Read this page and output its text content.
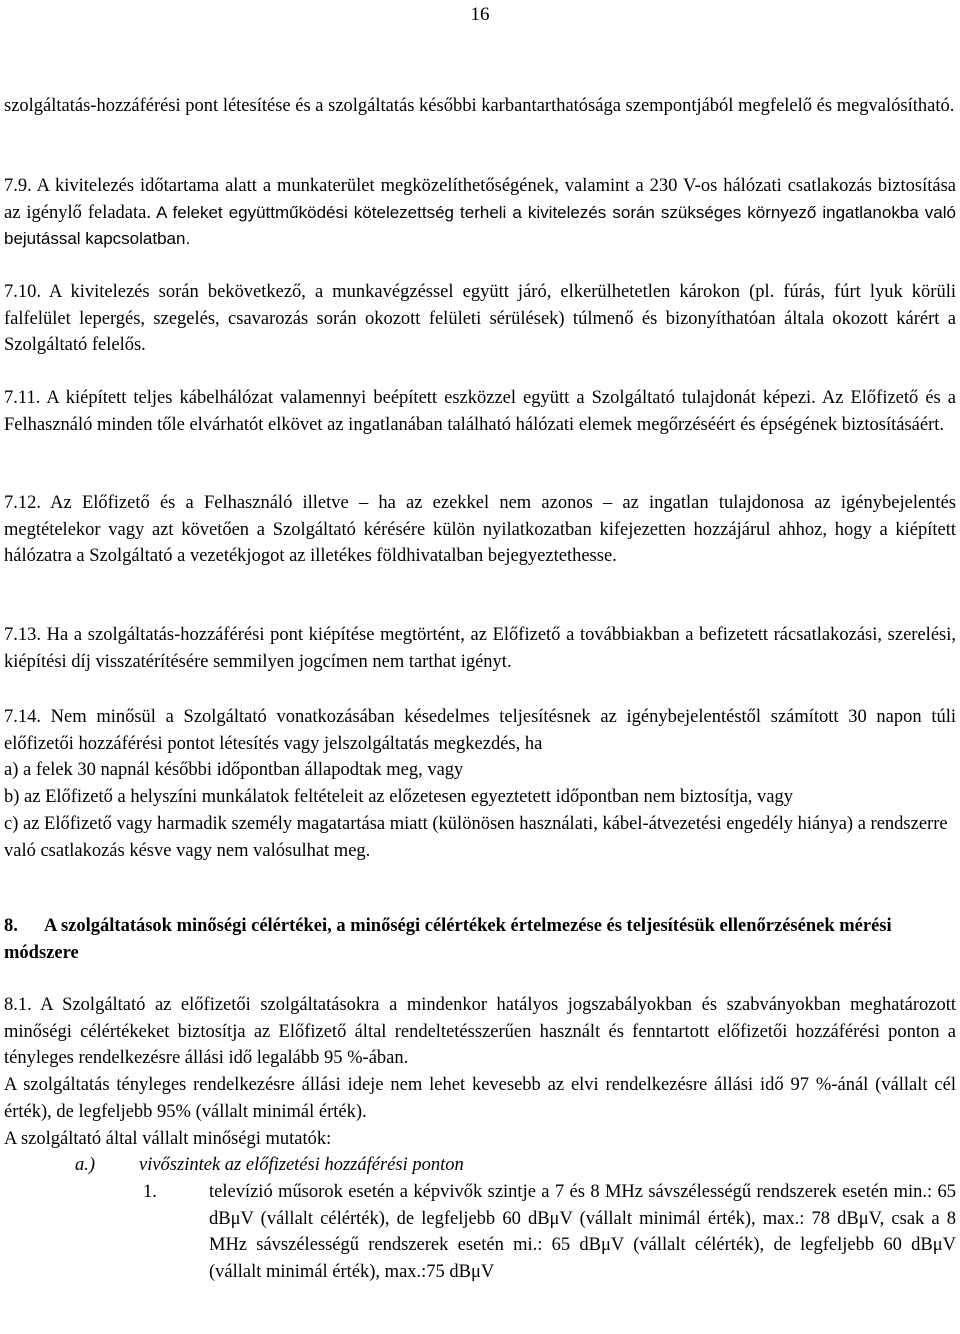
16

szolgáltatás-hozzáférési pont létesítése és a szolgáltatás későbbi karbantarthatósága szempontjából megfelelő és megvalósítható.

7.9. A kivitelezés időtartama alatt a munkaterület megközelíthetőségének, valamint a 230 V-os hálózati csatlakozás biztosítása az igénylő feladata. A feleket együttműködési kötelezettség terheli a kivitelezés során szükséges környező ingatlanokba való bejutással kapcsolatban.

7.10. A kivitelezés során bekövetkező, a munkavégzéssel együtt járó, elkerülhetetlen károkon (pl. fúrás, fúrt lyuk körüli falfelület lepergés, szegelés, csavarozás során okozott felületi sérülések) túlmenő és bizonyíthatóan általa okozott kárért a Szolgáltató felelős.

7.11. A kiépített teljes kábelhálózat valamennyi beépített eszközzel együtt a Szolgáltató tulajdonát képezi. Az Előfizető és a Felhasználó minden tőle elvárhatót elkövet az ingatlanában található hálózati elemek megőrzéséért és épségének biztosításáért.

7.12. Az Előfizető és a Felhasználó illetve – ha az ezekkel nem azonos – az ingatlan tulajdonosa az igénybejelentés megtételekor vagy azt követően a Szolgáltató kérésére külön nyilatkozatban kifejezetten hozzájárul ahhoz, hogy a kiépített hálózatra a Szolgáltató a vezetékjogot az illetékes földhivatalban bejegyeztethesse.

7.13. Ha a szolgáltatás-hozzáférési pont kiépítése megtörtént, az Előfizető a továbbiakban a befizetett rácsatlakozási, szerelési, kiépítési díj visszatérítésére semmilyen jogcímen nem tarthat igényt.

7.14. Nem minősül a Szolgáltató vonatkozásában késedelmes teljesítésnek az igénybejelentéstől számított 30 napon túli előfizetői hozzáférési pontot létesítés vagy jelszolgáltatás megkezdés, ha

a) a felek 30 napnál későbbi időpontban állapodtak meg, vagy

b) az Előfizető a helyszíni munkálatok feltételeit az előzetesen egyeztetett időpontban nem biztosítja, vagy

c) az Előfizető vagy harmadik személy magatartása miatt (különösen használati, kábel-átvezetési engedély hiánya) a rendszerre való csatlakozás késve vagy nem valósulhat meg.

8. A szolgáltatások minőségi célértékei, a minőségi célértékek értelmezése és teljesítésük ellenőrzésének mérési módszere

8.1. A Szolgáltató az előfizetői szolgáltatásokra a mindenkor hatályos jogszabályokban és szabványokban meghatározott minőségi célértékeket biztosítja az Előfizető által rendeltetésszerűen használt és fenntartott előfizetői hozzáférési ponton a tényleges rendelkezésre állási idő legalább 95 %-ában.

A szolgáltatás tényleges rendelkezésre állási ideje nem lehet kevesebb az elvi rendelkezésre állási idő 97 %-ánál (vállalt cél érték), de legfeljebb 95% (vállalt minimál érték).

A szolgáltató által vállalt minőségi mutatók:

a.) vivőszintek az előfizetési hozzáférési ponton

1.	televízió műsorok esetén a képvivők szintje a 7 és 8 MHz sávszélességű rendszerek esetén min.: 65 dBμV (vállalt célérték), de legfeljebb 60 dBμV (vállalt minimál érték), max.: 78 dBμV, csak a 8 MHz sávszélességű rendszerek esetén mi.: 65 dBμV (vállalt célérték), de legfeljebb 60 dBμV (vállalt minimál érték), max.:75 dBμV
